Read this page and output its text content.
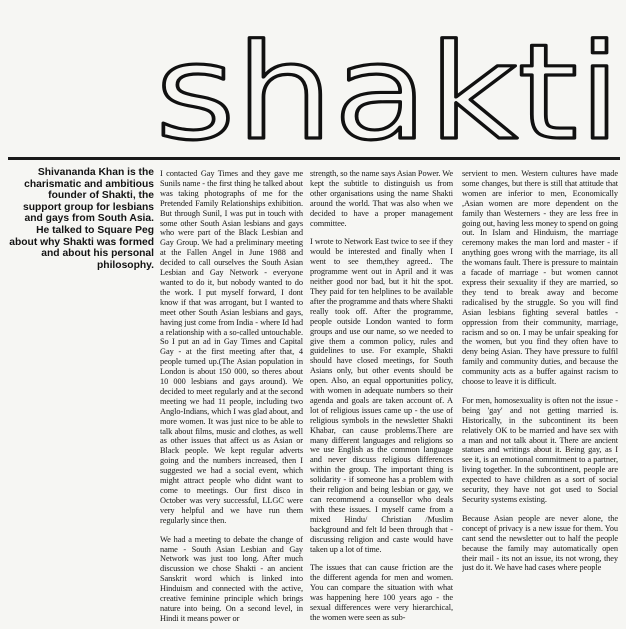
shakti

Shivananda Khan is the charismatic and ambitious founder of Shakti, the support group for lesbians and gays from South Asia.

He talked to Square Peg about why Shakti was formed and about his personal philosophy.

I contacted Gay Times and they gave me Sunils name - the first thing he talked about was taking photographs of me for the Pretended Family Relationships exhibition. But through Sunil, I was put in touch with some other South Asian lesbians and gays who were part of the Black Lesbian and Gay Group. We had a preliminary meeting at the Fallen Angel in June 1988 and decided to call ourselves the South Asian Lesbian and Gay Network - everyone wanted to do it, but nobody wanted to do the work. I put myself forward, I dont know if that was arrogant, but I wanted to meet other South Asian lesbians and gays, having just come from India - where Id had a relationship with a so-called untouchable. So I put an ad in Gay Times and Capital Gay - at the first meeting after that, 4 people turned up.(The Asian population in London is about 150 000, so theres about 10 000 lesbians and gays around). We decided to meet regularly and at the second meeting we had 11 people, including two Anglo-Indians, which I was glad about, and more women. It was just nice to be able to talk about films, music and clothes, as well as other issues that affect us as Asian or Black people. We kept regular adverts going and the numbers increased, then I suggested we had a social event, which might attract people who didnt want to come to meetings. Our first disco in October was very successful, LLGC were very helpful and we have run them regularly since then.

We had a meeting to debate the change of name - South Asian Lesbian and Gay Network was just too long. After much discussion we chose Shakti - an ancient Sanskrit word which is linked into Hinduism and connected with the active, creative feminine principle which brings nature into being. On a second level, in Hindi it means power or

strength, so the name says Asian Power. We kept the subtitle to distinguish us from other organisations using the name Shakti around the world. That was also when we decided to have a proper management committee.

I wrote to Network East twice to see if they would be interested and finally when I went to see them,they agreed.. The programme went out in April and it was neither good nor bad, but it hit the spot. They paid for ten helplines to be available after the programme and thats where Shakti really took off. After the programme, people outside London wanted to form groups and use our name, so we needed to give them a common policy, rules and guidelines to use. For example, Shakti should have closed meetings, for South Asians only, but other events should be open. Also, an equal opportunities policy, with women in adequate numbers so their agenda and goals are taken account of. A lot of religious issues came up - the use of religious symbols in the newsletter Shakti Khabar, can cause problems.There are many different languages and religions so we use English as the common language and never discuss religious differences within the group. The important thing is solidarity - if someone has a problem with their religion and being lesbian or gay, we can recommend a counsellor who deals with these issues. I myself came from a mixed Hindu/ Christian /Muslim background and felt Id been through that - discussing religion and caste would have taken up a lot of time.

The issues that can cause friction are the the different agenda for men and women. You can compare the situation with what was happening here 100 years ago - the sexual differences were very hierarchical, the women were seen as sub-

servient to men. Western cultures have made some changes, but there is still that attitude that women are inferior to men, Economically ,Asian women are more dependent on the family than Westerners - they are less free in going out, having less money to spend on going out. In Islam and Hinduism, the marriage ceremony makes the man lord and master - if anything goes wrong with the marriage, its all the womans fault. There is pressure to maintain a facade of marriage - but women cannot express their sexuality if they are married, so they tend to break away and become radicalised by the struggle. So you will find Asian lesbians fighting several battles - oppression from their community, marriage, racism and so on. I may be unfair speaking for the women, but you find they often have to deny being Asian. They have pressure to fulfil family and community duties, and because the community acts as a buffer against racism to choose to leave it is difficult.

For men, homosexuality is often not the issue - being 'gay' and not getting married is. Historically, in the subcontinent its been relatively OK to be married and have sex with a man and not talk about it. There are ancient statues and writings about it. Being gay, as I see it, is an emotional commitment to a partner, living together. In the subcontinent, people are expected to have children as a sort of social security, they have not got used to Social Security systems existing.

Because Asian people are never alone, the concept of privacy is a new issue for them. You cant send the newsletter out to half the people because the family may automatically open their mail - its not an issue, its not wrong, they just do it. We have had cases where people
